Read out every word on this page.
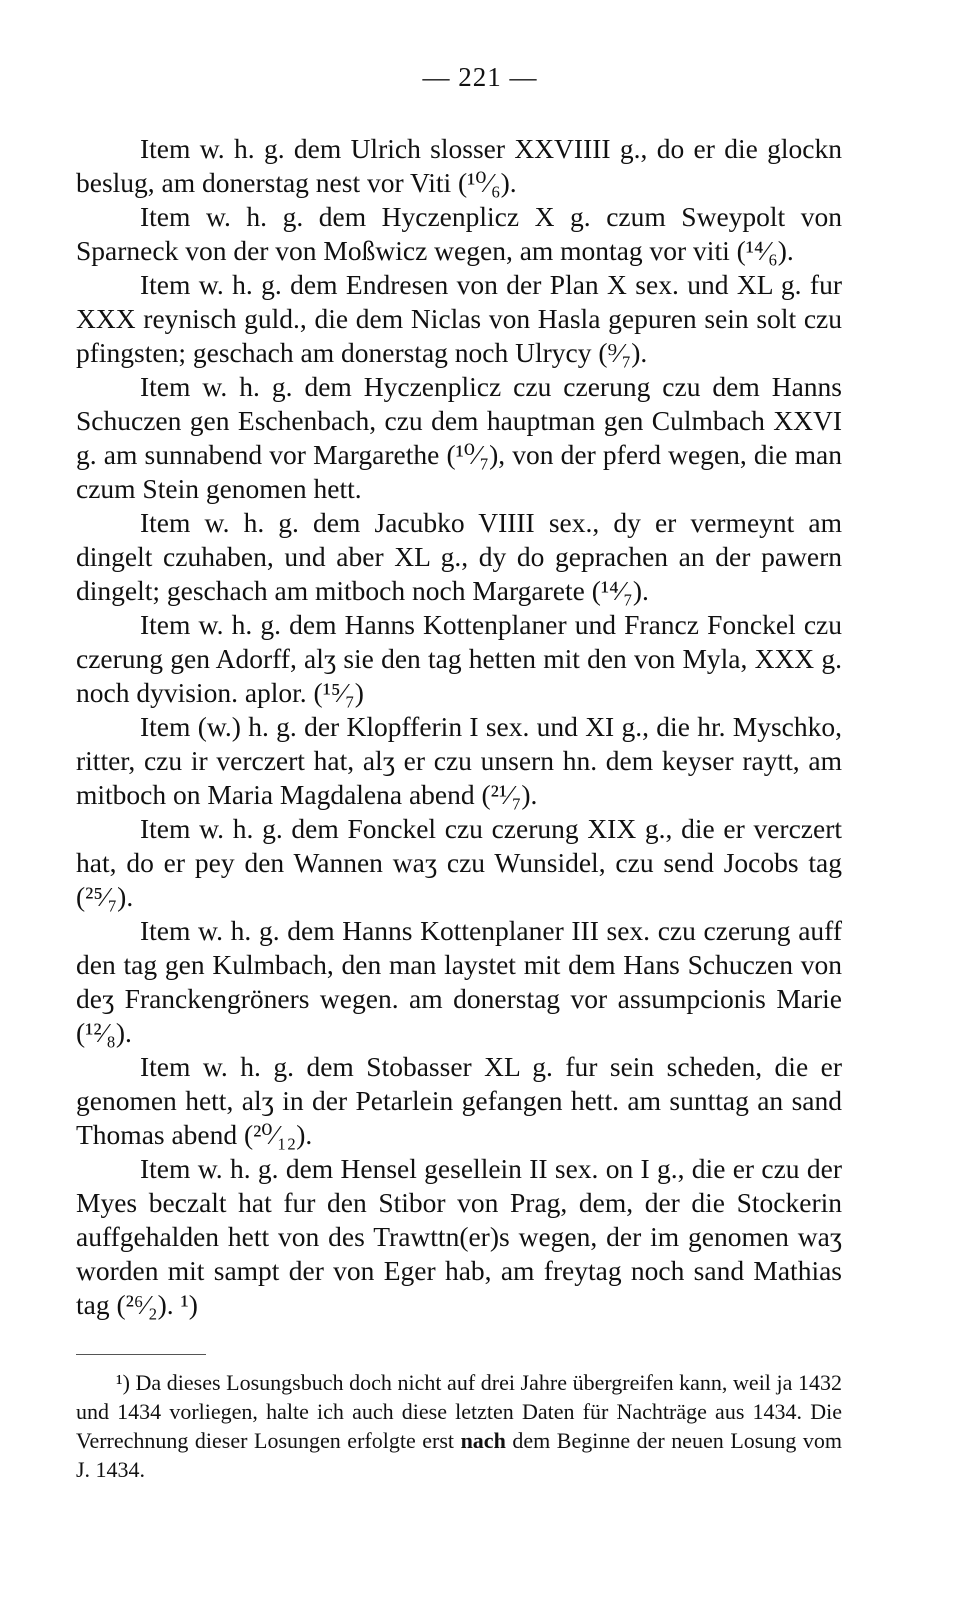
— 221 —

Item w. h. g. dem Ulrich slosser XXVIIII g., do er die glockn beslug, am donerstag nest vor Viti (¹⁰⁄₆).

Item w. h. g. dem Hyczenplicz X g. czum Sweypolt von Sparneck von der von Moßwicz wegen, am montag vor viti (¹⁴⁄₆).

Item w. h. g. dem Endresen von der Plan X sex. und XL g. fur XXX reynisch guld., die dem Niclas von Hasla gepuren sein solt czu pfingsten; geschach am donerstag noch Ulrycy (⁹⁄₇).

Item w. h. g. dem Hyczenplicz czu czerung czu dem Hanns Schuczen gen Eschenbach, czu dem hauptman gen Culmbach XXVI g. am sunnabend vor Margarethe (¹⁰⁄₇), von der pferd wegen, die man czum Stein genomen hett.

Item w. h. g. dem Jacubko VIIII sex., dy er vermeynt am dingelt czuhaben, und aber XL g., dy do geprachen an der pawern dingelt; geschach am mitboch noch Margarete (¹⁴⁄₇).

Item w. h. g. dem Hanns Kottenplaner und Francz Fonckel czu czerung gen Adorff, alʒ sie den tag hetten mit den von Myla, XXX g. noch dyvision. aplor. (¹⁵⁄₇)

Item (w.) h. g. der Klopfferin I sex. und XI g., die hr. Myschko, ritter, czu ir verczert hat, alʒ er czu unsern hn. dem keyser raytt, am mitboch on Maria Magdalena abend (²¹⁄₇).

Item w. h. g. dem Fonckel czu czerung XIX g., die er verczert hat, do er pey den Wannen waʒ czu Wunsidel, czu send Jocobs tag (²⁵⁄₇).

Item w. h. g. dem Hanns Kottenplaner III sex. czu czerung auff den tag gen Kulmbach, den man laystet mit dem Hans Schuczen von deʒ Franckengröners wegen. am donerstag vor assumpcionis Marie (¹²⁄₈).

Item w. h. g. dem Stobasser XL g. fur sein scheden, die er genomen hett, alʒ in der Petarlein gefangen hett. am sunttag an sand Thomas abend (²⁰⁄₁₂).

Item w. h. g. dem Hensel gesellein II sex. on I g., die er czu der Myes beczalt hat fur den Stibor von Prag, dem, der die Stockerin auffgehalden hett von des Trawttn(er)s wegen, der im genomen waʒ worden mit sampt der von Eger hab, am freytag noch sand Mathias tag (²⁶⁄₂). ¹)

¹) Da dieses Losungsbuch doch nicht auf drei Jahre übergreifen kann, weil ja 1432 und 1434 vorliegen, halte ich auch diese letzten Daten für Nachträge aus 1434. Die Verrechnung dieser Losungen erfolgte erst nach dem Beginne der neuen Losung vom J. 1434.
